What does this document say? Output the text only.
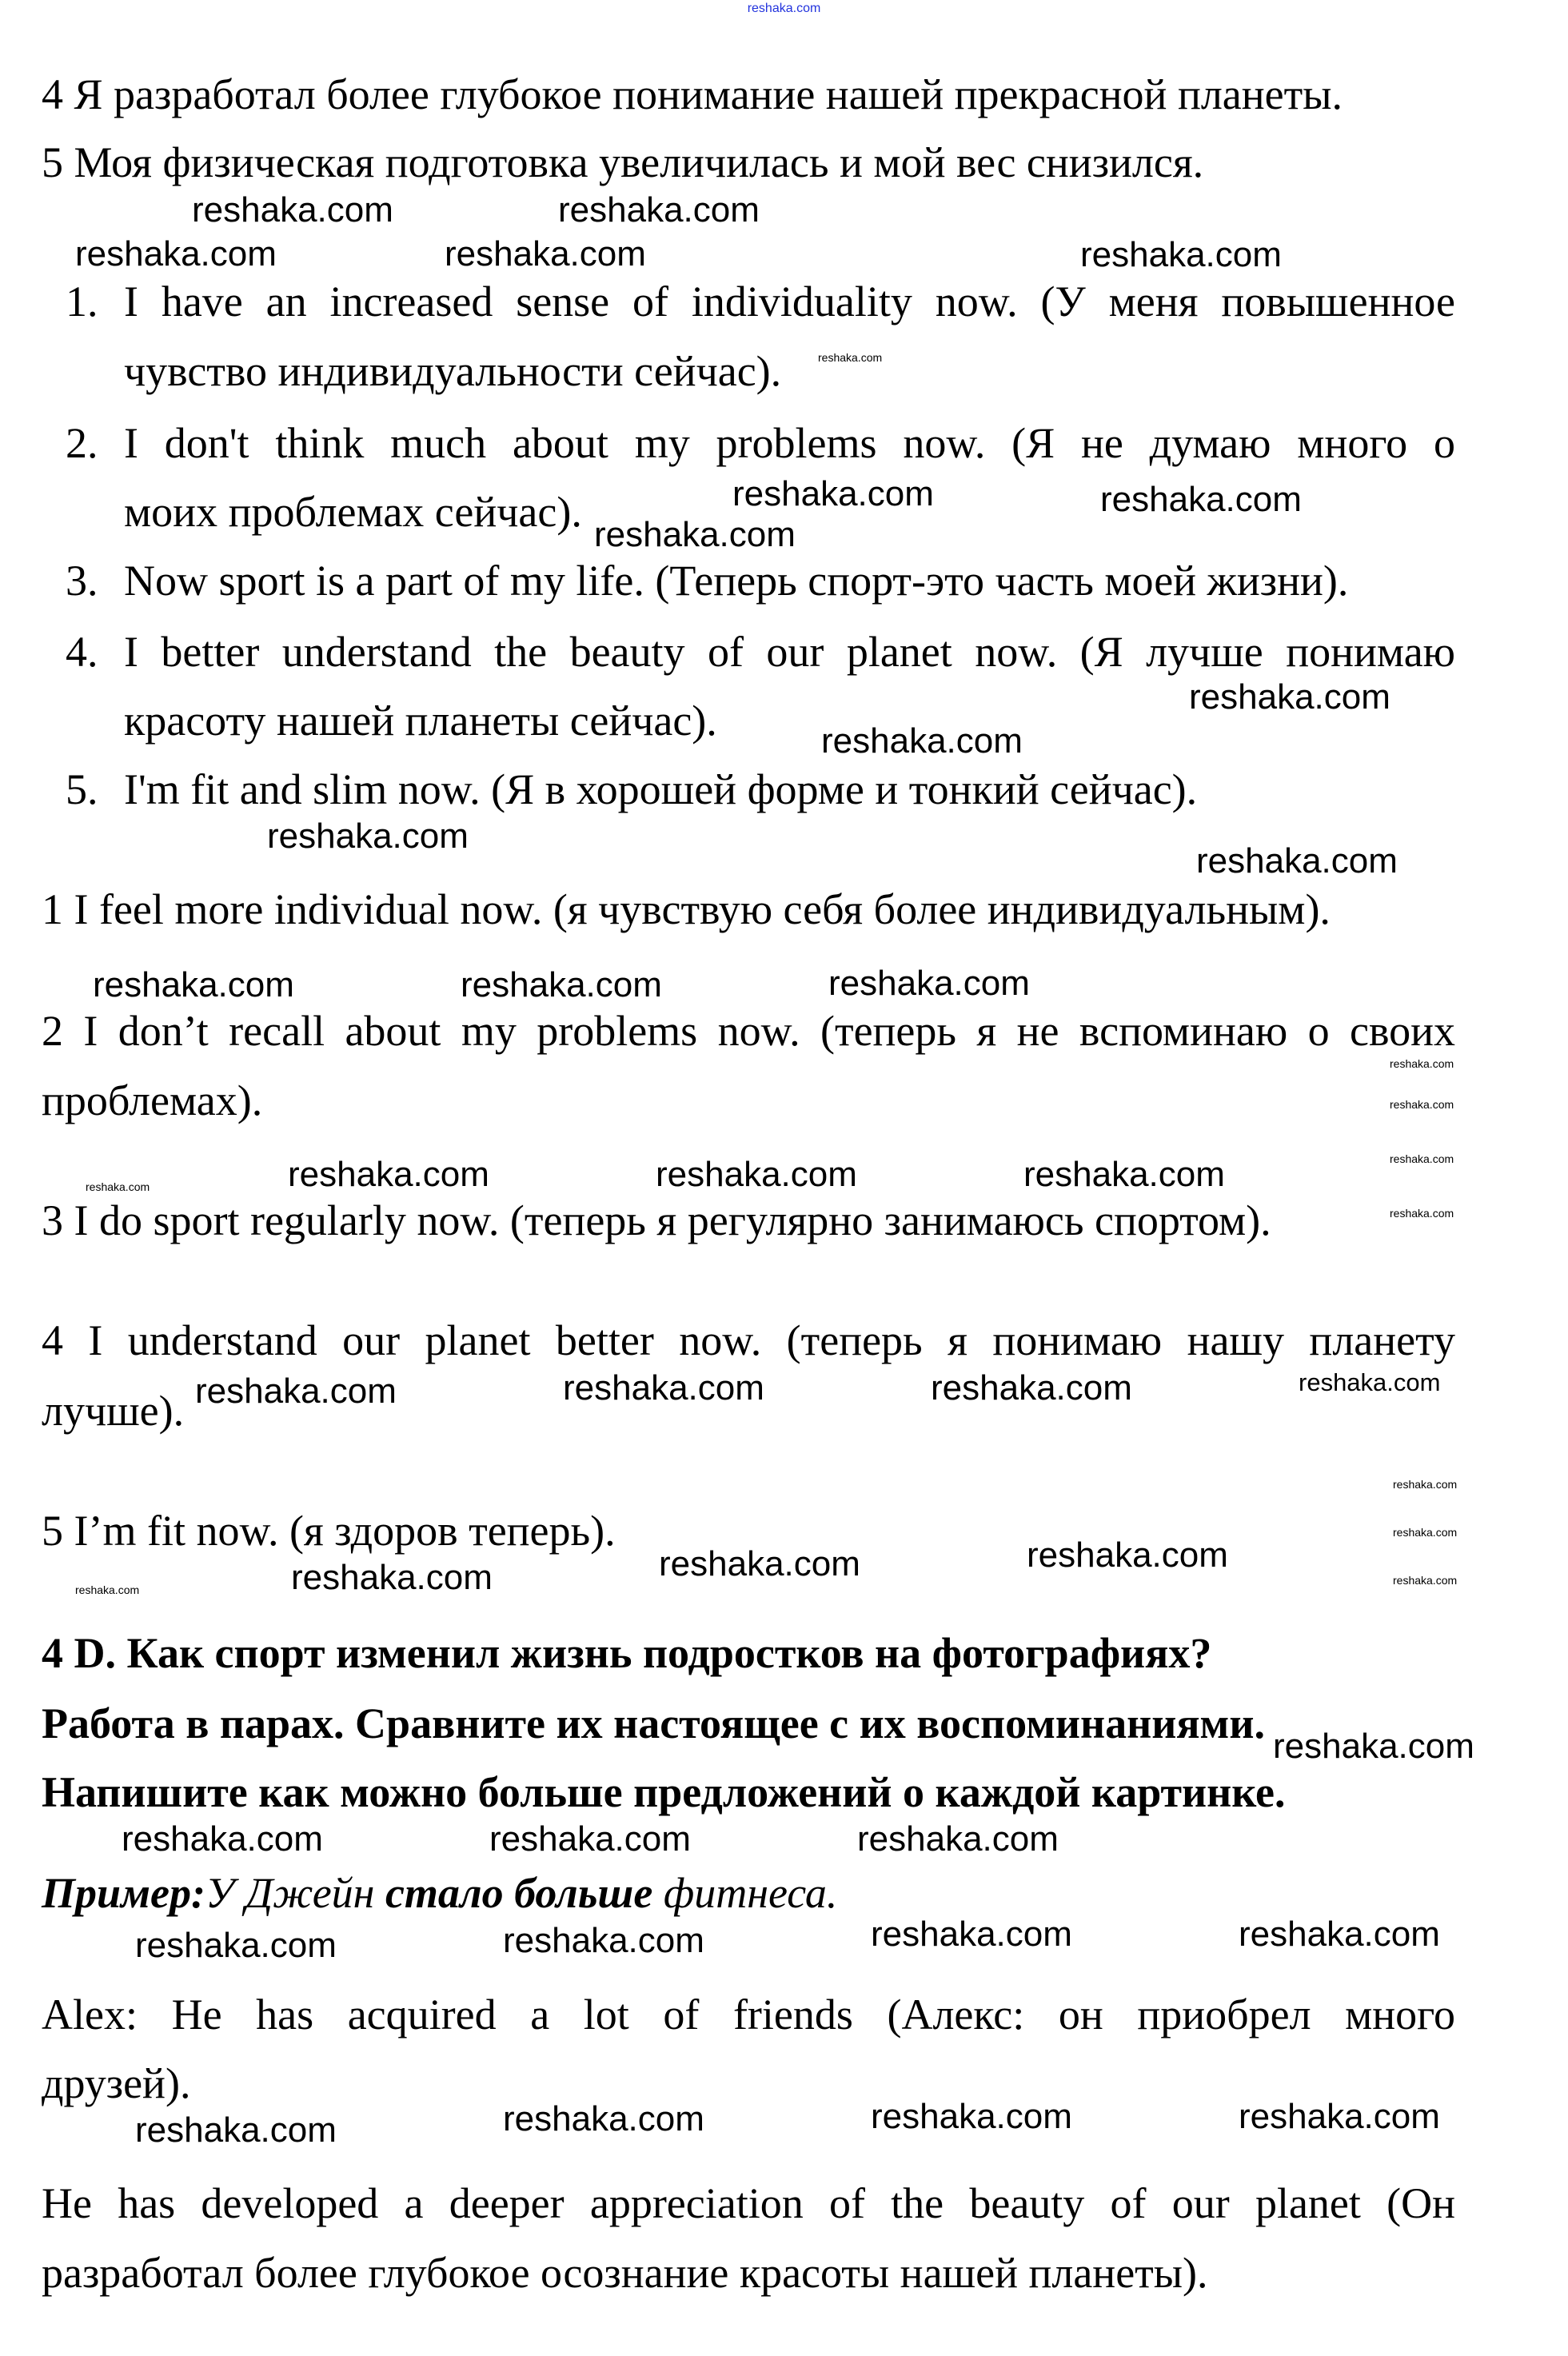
reshaka.com
4 Я разработал более глубокое понимание нашей прекрасной планеты.
5 Моя физическая подготовка увеличилась и мой вес снизился.
1. I have an increased sense of individuality now. (У меня повышенное
чувство индивидуальности сейчас).
2. I don't think much about my problems now. (Я не думаю много о
моих проблемах сейчас).
3. Now sport is a part of my life. (Теперь спорт-это часть моей жизни).
4. I better understand the beauty of our planet now. (Я лучше понимаю
красоту нашей планеты сейчас).
5. I'm fit and slim now. (Я в хорошей форме и тонкий сейчас).
1 I feel more individual now. (я чувствую себя более индивидуальным).
2 I don’t recall about my problems now. (теперь я не вспоминаю о своих
проблемах).
3 I do sport regularly now. (теперь я регулярно занимаюсь спортом).
4 I understand our planet better now. (теперь я понимаю нашу планету
лучше).
5 I’m fit now. (я здоров теперь).
4 D. Как спорт изменил жизнь подростков на фотографиях?
Работа в парах. Сравните их настоящее с их воспоминаниями.
Напишите как можно больше предложений о каждой картинке.
Пример:У Джейн стало больше фитнеса.
Alex: He has acquired a lot of friends (Алекс: он приобрел много
друзей).
He has developed a deeper appreciation of the beauty of our planet (Он
разработал более глубокое осознание красоты нашей планеты).
reshaka.com	reshaka.com
reshaka.com
reshaka.com	reshaka.com
reshaka.com
reshaka.com
reshaka.com
reshaka.com
reshaka.com
reshaka.com
reshaka.com
reshaka.com	reshaka.com	reshaka.com
reshaka.com	reshaka.com	reshaka.com
reshaka.com	reshaka.com
reshaka.com
reshaka.com	reshaka.com	reshaka.com
reshaka.com	reshaka.com	reshaka.com
reshaka.com
reshaka.com	reshaka.com	reshaka.com	reshaka.com
reshaka.com	reshaka.com	reshaka.com	reshaka.com
reshaka.com
reshaka.com
reshaka.com
reshaka.com
reshaka.com
reshaka.com
reshaka.com
reshaka.com
reshaka.com
reshaka.com
reshaka.com
